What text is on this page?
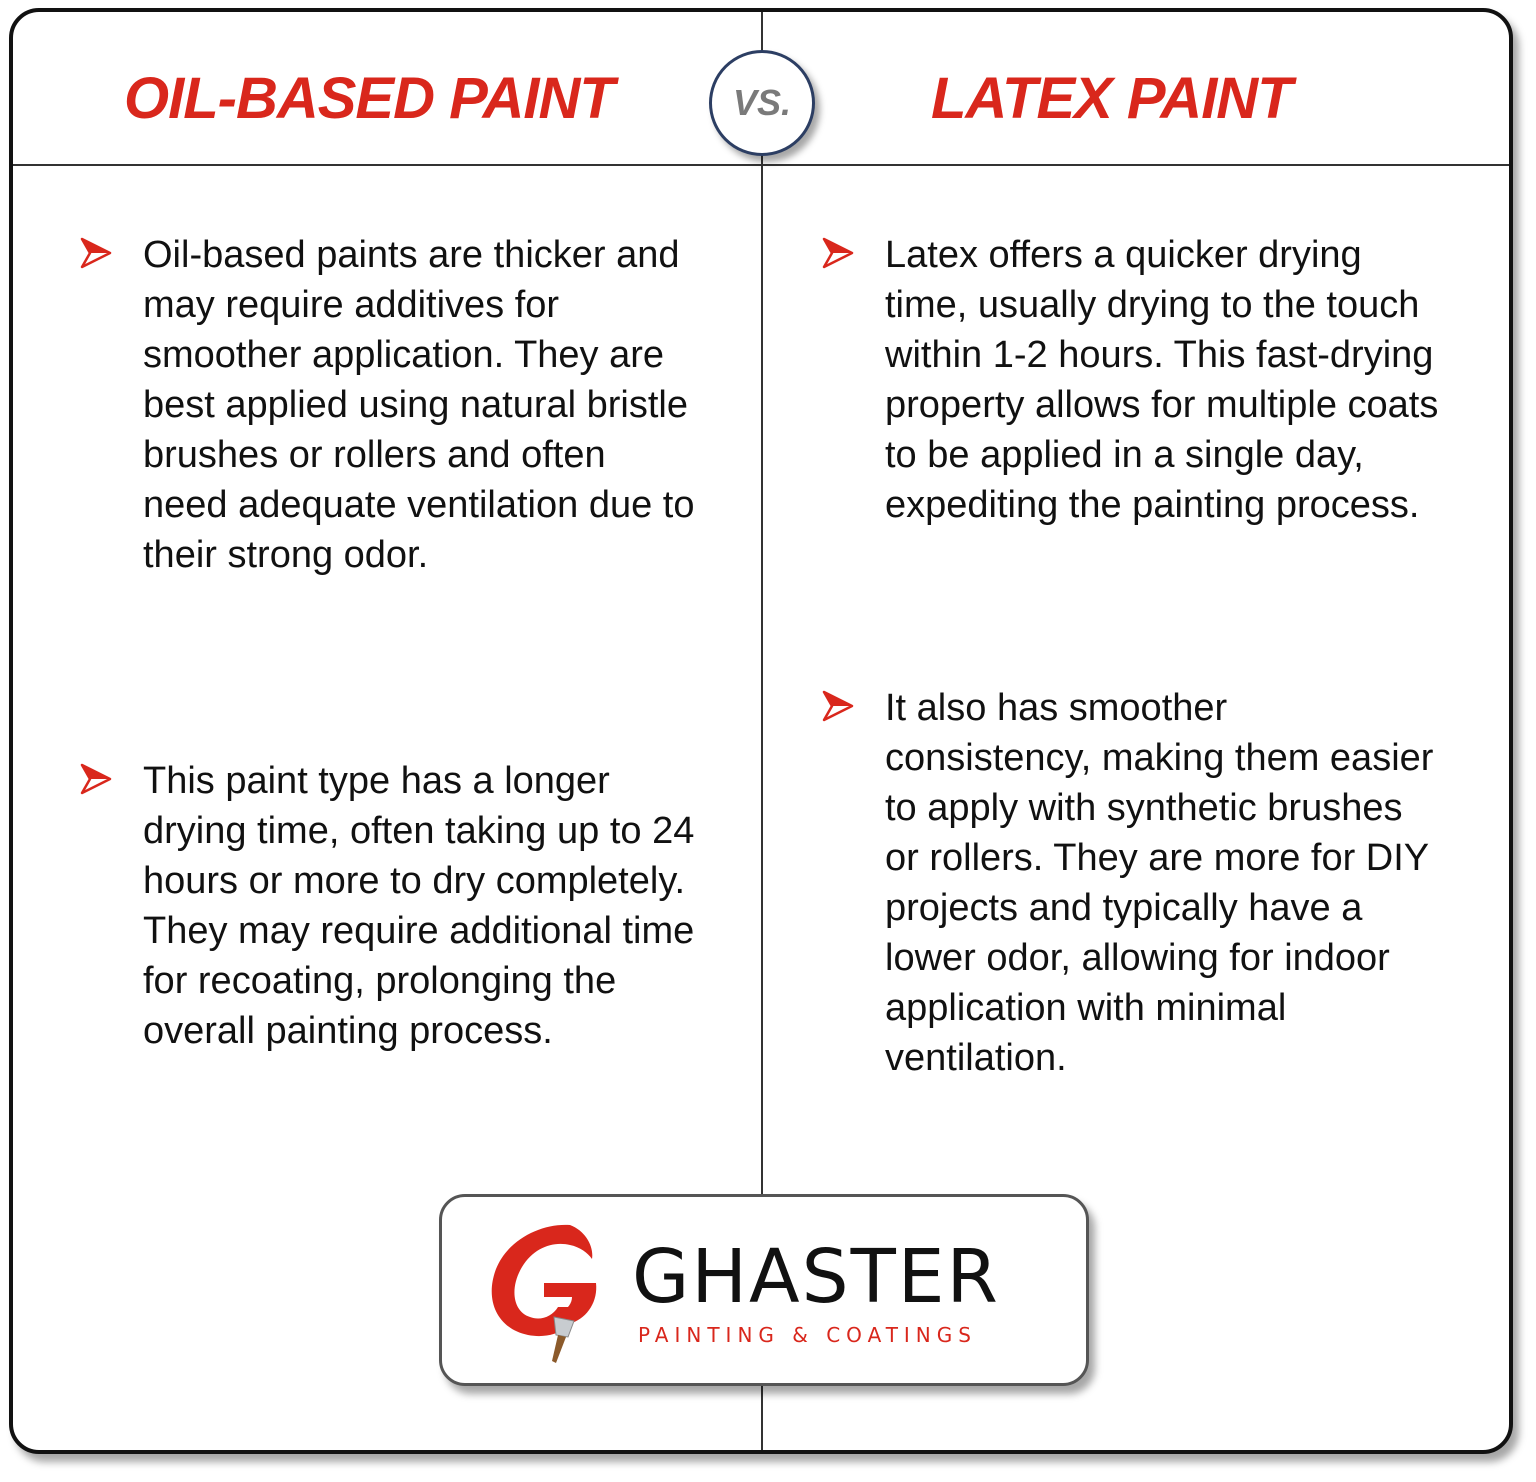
OIL-BASED PAINT	LATEX PAINT
VS.

Oil-based paints are thicker and may require additives for smoother application. They are best applied using natural bristle brushes or rollers and often need adequate ventilation due to their strong odor.

This paint type has a longer drying time, often taking up to 24 hours or more to dry completely. They may require additional time for recoating, prolonging the overall painting process.

Latex offers a quicker drying time, usually drying to the touch within 1-2 hours. This fast-drying property allows for multiple coats to be applied in a single day, expediting the painting process.

It also has smoother consistency, making them easier to apply with synthetic brushes or rollers. They are more for DIY projects and typically have a lower odor, allowing for indoor application with minimal ventilation.

GHASTER

PAINTING & COATINGS
